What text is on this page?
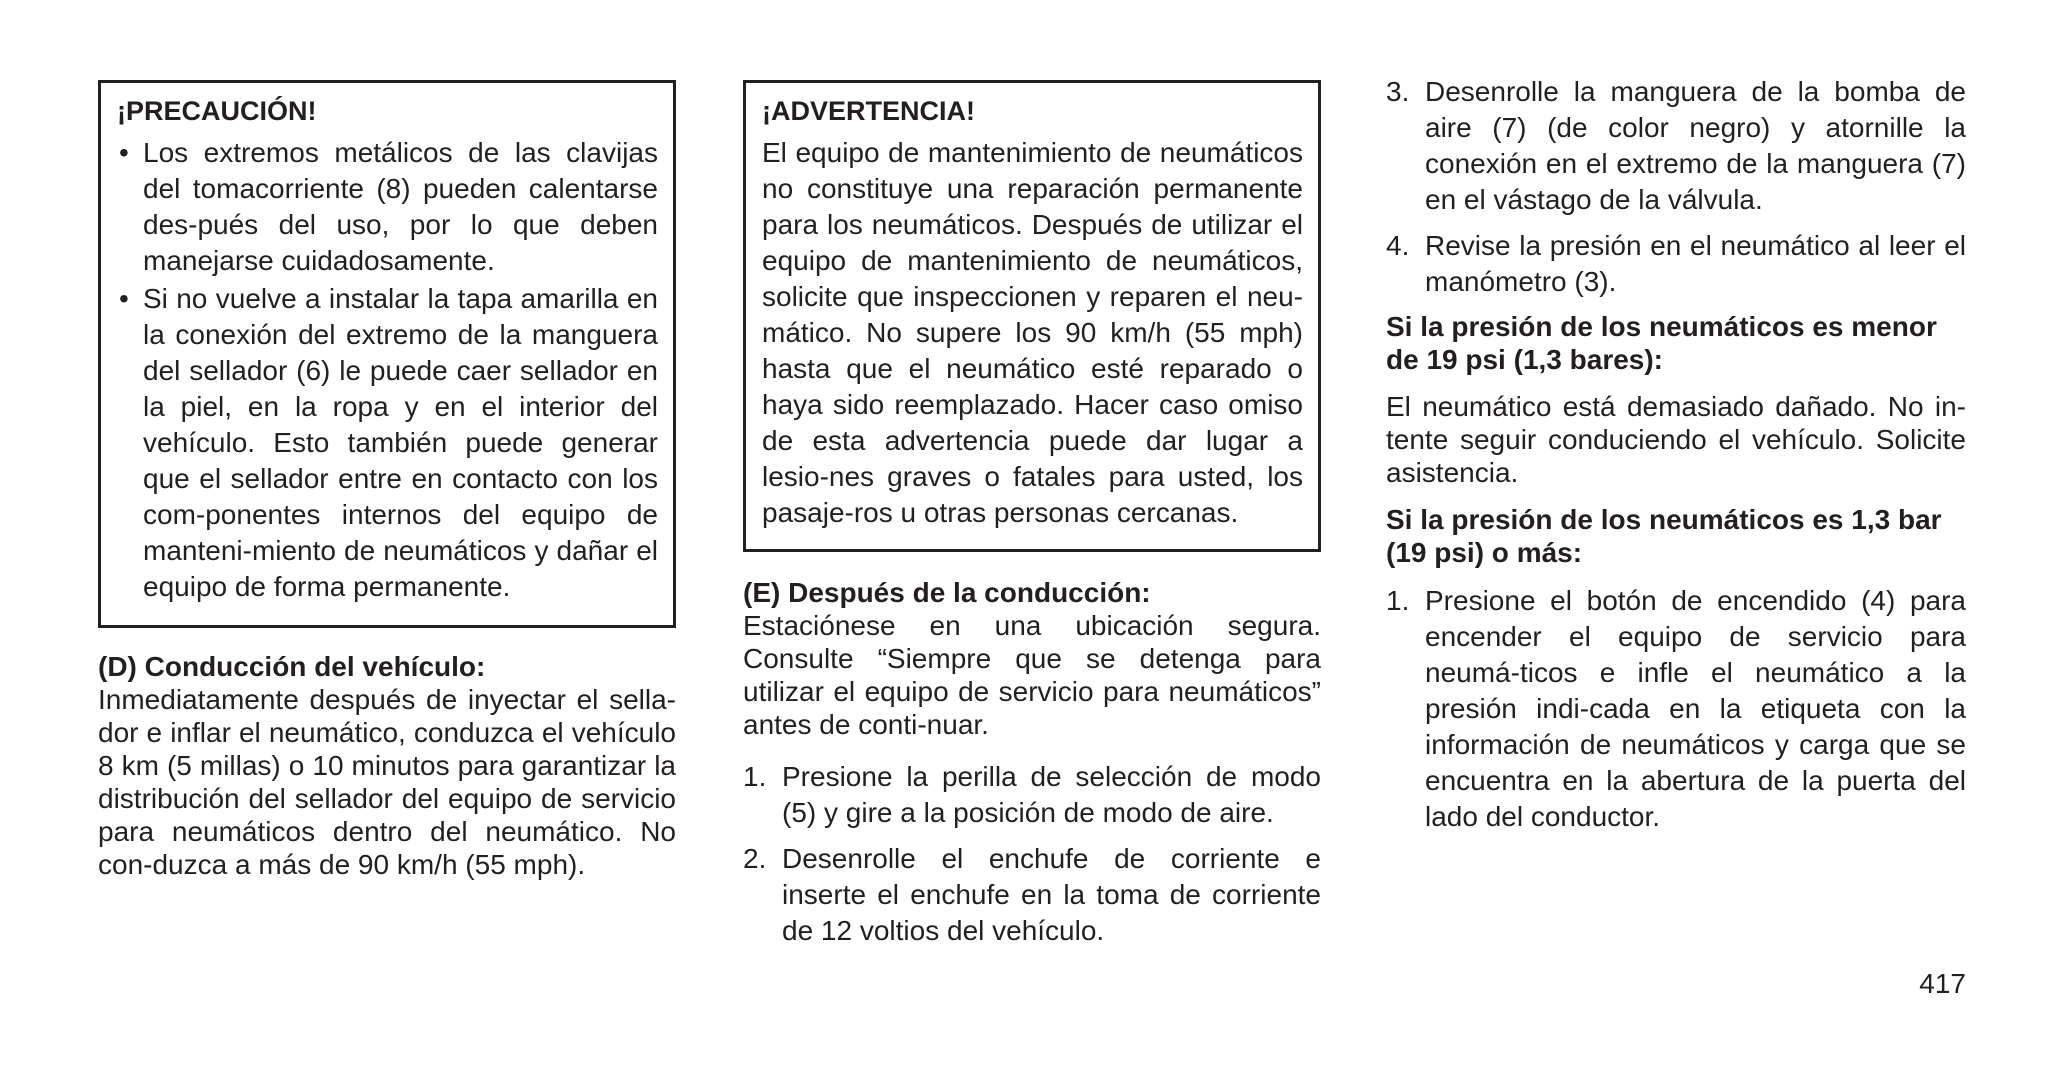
¡PRECAUCIÓN!
• Los extremos metálicos de las clavijas del tomacorriente (8) pueden calentarse des-pués del uso, por lo que deben manejarse cuidadosamente.
• Si no vuelve a instalar la tapa amarilla en la conexión del extremo de la manguera del sellador (6) le puede caer sellador en la piel, en la ropa y en el interior del vehículo. Esto también puede generar que el sellador entre en contacto con los com-ponentes internos del equipo de manteni-miento de neumáticos y dañar el equipo de forma permanente.
(D) Conducción del vehículo:
Inmediatamente después de inyectar el sella-dor e inflar el neumático, conduzca el vehículo 8 km (5 millas) o 10 minutos para garantizar la distribución del sellador del equipo de servicio para neumáticos dentro del neumático. No con-duzca a más de 90 km/h (55 mph).
¡ADVERTENCIA!
El equipo de mantenimiento de neumáticos no constituye una reparación permanente para los neumáticos. Después de utilizar el equipo de mantenimiento de neumáticos, solicite que inspeccionen y reparen el neu-mático. No supere los 90 km/h (55 mph) hasta que el neumático esté reparado o haya sido reemplazado. Hacer caso omiso de esta advertencia puede dar lugar a lesio-nes graves o fatales para usted, los pasaje-ros u otras personas cercanas.
(E) Después de la conducción:
Estaciónese en una ubicación segura. Consulte “Siempre que se detenga para utilizar el equipo de servicio para neumáticos” antes de conti-nuar.
1. Presione la perilla de selección de modo (5) y gire a la posición de modo de aire.
2. Desenrolle el enchufe de corriente e inserte el enchufe en la toma de corriente de 12 voltios del vehículo.
3. Desenrolle la manguera de la bomba de aire (7) (de color negro) y atornille la conexión en el extremo de la manguera (7) en el vástago de la válvula.
4. Revise la presión en el neumático al leer el manómetro (3).
Si la presión de los neumáticos es menor de 19 psi (1,3 bares):
El neumático está demasiado dañado. No in-tente seguir conduciendo el vehículo. Solicite asistencia.
Si la presión de los neumáticos es 1,3 bar (19 psi) o más:
1. Presione el botón de encendido (4) para encender el equipo de servicio para neumá-ticos e infle el neumático a la presión indi-cada en la etiqueta con la información de neumáticos y carga que se encuentra en la abertura de la puerta del lado del conductor.
417
